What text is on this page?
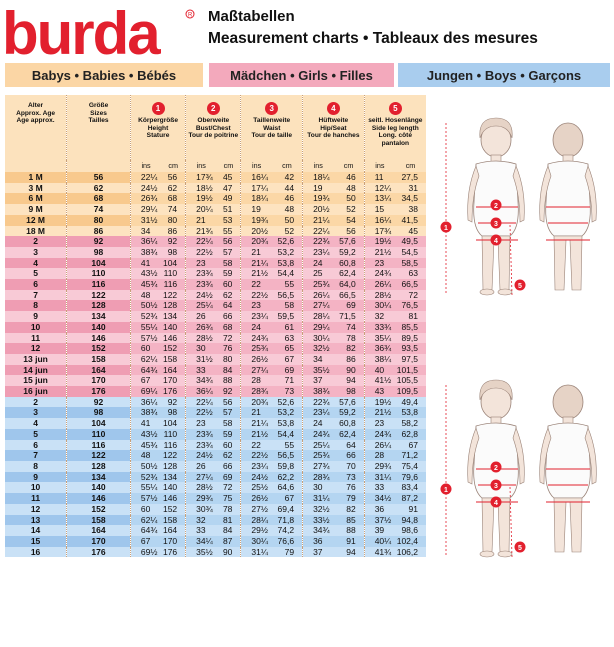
burda	R Maßtabellen
Measurement charts • Tableaux des mesures
Babys • Babies • Bébés	Mädchen • Girls • Filles	Jungen • Boys • Garçons
Alter
Approx. Age
Age approx.	Größe
Sizes
Tailles	1
Körpergröße
Height
Stature		2
Oberweite
Bust/Chest
Tour de poitrine		3
Taillenweite
Waist
Tour de taille		4
Hüftweite
Hip/Seat
Tour de hanches		5
seitl. Hosenlänge
Side leg length
Long. côté pantalon	
		ins	cm	ins	cm	ins	cm	ins	cm	ins	cm
1 M	56	22¼	56	17¾	45	16¼	42	18¼	46	11	27,5
3 M	62	24½	62	18½	47	17¼	44	19	48	12¼	31
6 M	68	26¾	68	19½	49	18¼	46	19¾	50	13¼	34,5
9 M	74	29¼	74	20¼	51	19	48	20½	52	15	38
12 M	80	31½	80	21	53	19¾	50	21¼	54	16¼	41,5
18 M	86	34	86	21¾	55	20½	52	22¼	56	17¾	45
2	92	36¼	92	22¼	56	20¾	52,6	22¾	57,6	19½	49,5
3	98	38¾	98	22½	57	21	53,2	23¼	59,2	21½	54,5
4	104	41	104	23	58	21¼	53,8	24	60,8	23	58,5
5	110	43½	110	23¾	59	21½	54,4	25	62,4	24¾	63
6	116	45¾	116	23¾	60	22	55	25¾	64,0	26¼	66,5
7	122	48	122	24½	62	22½	56,5	26¼	66,5	28½	72
8	128	50½	128	25¼	64	23	58	27¼	69	30¼	76,5
9	134	52¾	134	26	66	23¼	59,5	28¼	71,5	32	81
10	140	55¼	140	26¾	68	24	61	29¼	74	33¾	85,5
11	146	57½	146	28½	72	24¾	63	30¼	78	35¼	89,5
12	152	60	152	30	76	25¾	65	32½	82	36¾	93,5
13 jun	158	62¼	158	31½	80	26½	67	34	86	38¼	97,5
14 jun	164	64¾	164	33	84	27¼	69	35½	90	40	101,5
15 jun	170	67	170	34¾	88	28	71	37	94	41½	105,5
16 jun	176	69¼	176	36¼	92	28¾	73	38¾	98	43	109,5
2	92	36¼	92	22¼	56	20¾	52,6	22¾	57,6	19½	49,4
3	98	38¾	98	22½	57	21	53,2	23¼	59,2	21½	53,8
4	104	41	104	23	58	21¼	53,8	24	60,8	23	58,2
5	110	43½	110	23¾	59	21½	54,4	24¾	62,4	24¾	62,8
6	116	45¾	116	23¾	60	22	55	25¼	64	26¼	67
7	122	48	122	24½	62	22½	56,5	25¾	66	28	71,2
8	128	50½	128	26	66	23¼	59,8	27¾	70	29¾	75,4
9	134	52¾	134	27¼	69	24½	62,2	28¾	73	31¼	79,6
10	140	55¼	140	28½	72	25½	64,6	30	76	33	83,4
11	146	57½	146	29¾	75	26½	67	31¼	79	34½	87,2
12	152	60	152	30¾	78	27½	69,4	32½	82	36	91
13	158	62¼	158	32	81	28¼	71,8	33½	85	37½	94,8
14	164	64¾	164	33	84	29½	74,2	34¾	88	39	98,6
15	170	67	170	34¼	87	30¼	76,6	36	91	40¼	102,4
16	176	69½	176	35½	90	31¼	79	37	94	41¾	106,2
1
2
3
4
5
1
2
3
4
5
